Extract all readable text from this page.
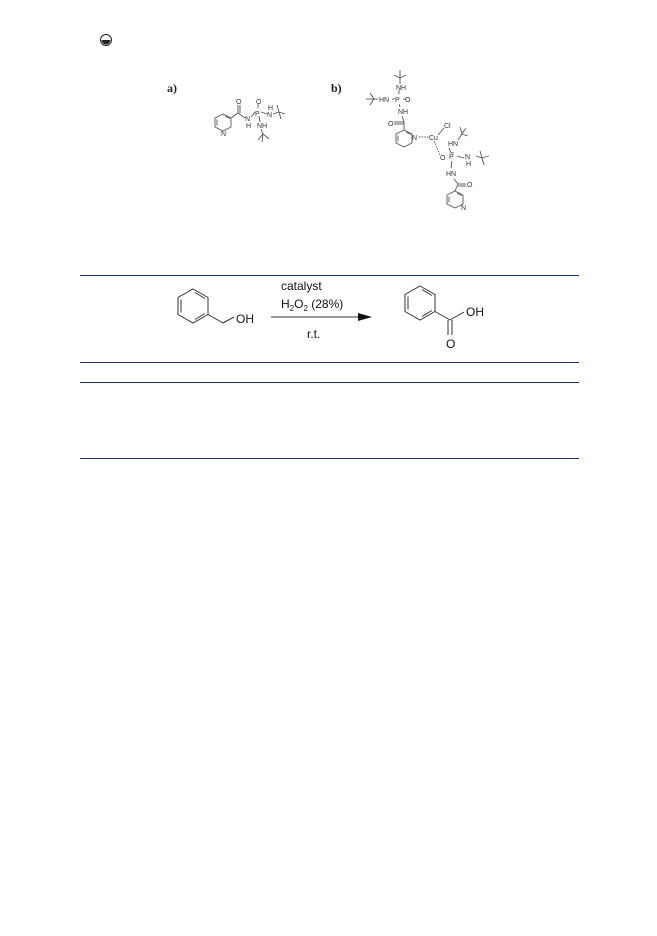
a)	b)
O O
P
N
N
H
N
H
NH
NH
HN P O
NH
O
N Cu
Cl
HN
O P N
H
HN
O
N
OH
catalyst
$H_2O_2$ (28%)
r.t.
OH
O
